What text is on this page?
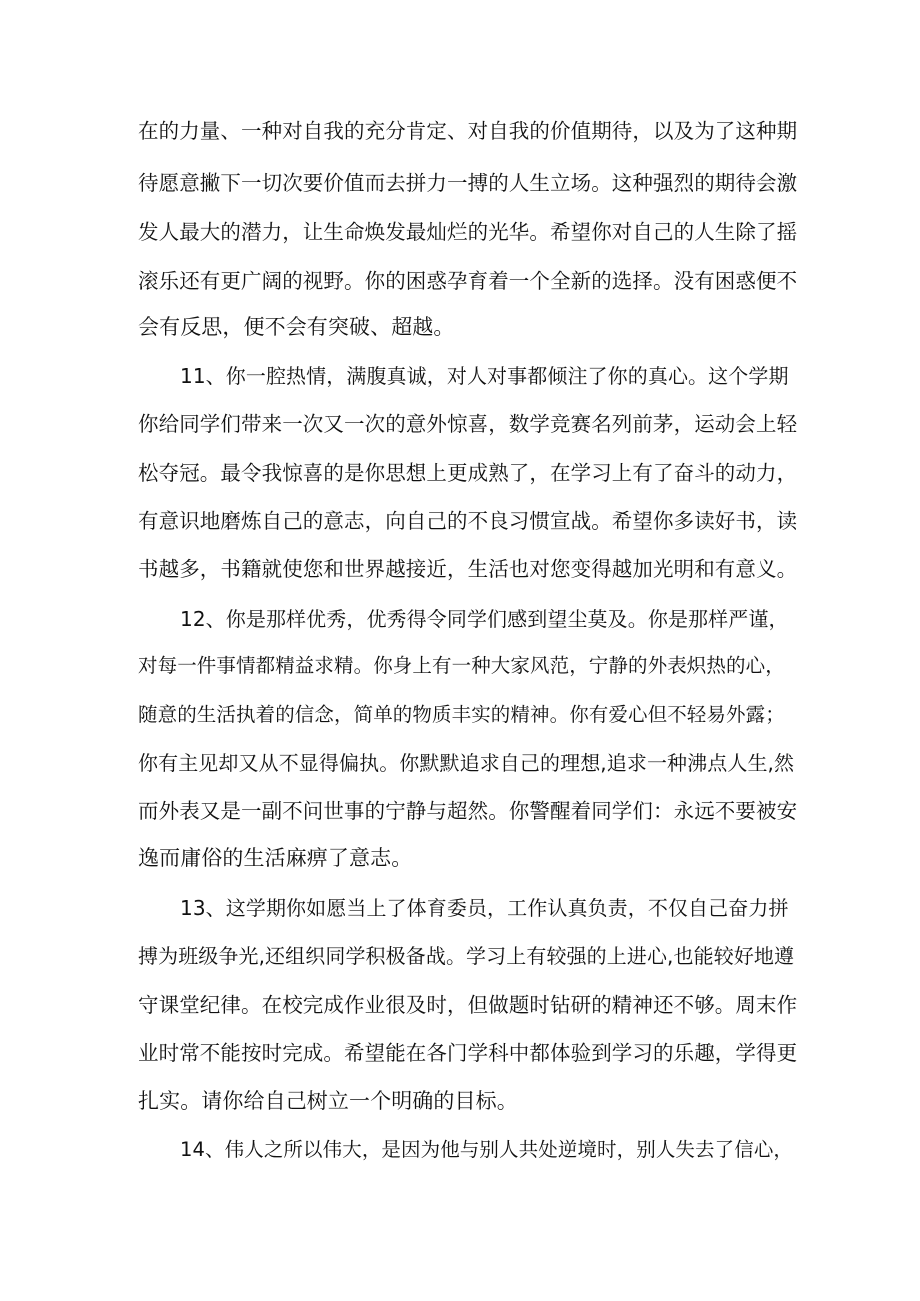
在的力量、一种对自我的充分肯定、对自我的价值期待，以及为了这种期
待愿意撇下一切次要价值而去拼力一搏的人生立场。这种强烈的期待会激
发人最大的潜力，让生命焕发最灿烂的光华。希望你对自己的人生除了摇
滚乐还有更广阔的视野。你的困惑孕育着一个全新的选择。没有困惑便不
会有反思，便不会有突破、超越。
11、你一腔热情，满腹真诚，对人对事都倾注了你的真心。这个学期
你给同学们带来一次又一次的意外惊喜，数学竞赛名列前茅，运动会上轻
松夺冠。最令我惊喜的是你思想上更成熟了，在学习上有了奋斗的动力，
有意识地磨炼自己的意志，向自己的不良习惯宣战。希望你多读好书，读
书越多，书籍就使您和世界越接近，生活也对您变得越加光明和有意义。
12、你是那样优秀，优秀得令同学们感到望尘莫及。你是那样严谨，
对每一件事情都精益求精。你身上有一种大家风范，宁静的外表炽热的心，
随意的生活执着的信念，简单的物质丰实的精神。你有爱心但不轻易外露；
你有主见却又从不显得偏执。你默默追求自己的理想,追求一种沸点人生,然
而外表又是一副不问世事的宁静与超然。你警醒着同学们：永远不要被安
逸而庸俗的生活麻痹了意志。
13、这学期你如愿当上了体育委员，工作认真负责，不仅自己奋力拼
搏为班级争光,还组织同学积极备战。学习上有较强的上进心,也能较好地遵
守课堂纪律。在校完成作业很及时，但做题时钻研的精神还不够。周末作
业时常不能按时完成。希望能在各门学科中都体验到学习的乐趣，学得更
扎实。请你给自己树立一个明确的目标。
14、伟人之所以伟大，是因为他与别人共处逆境时，别人失去了信心，
